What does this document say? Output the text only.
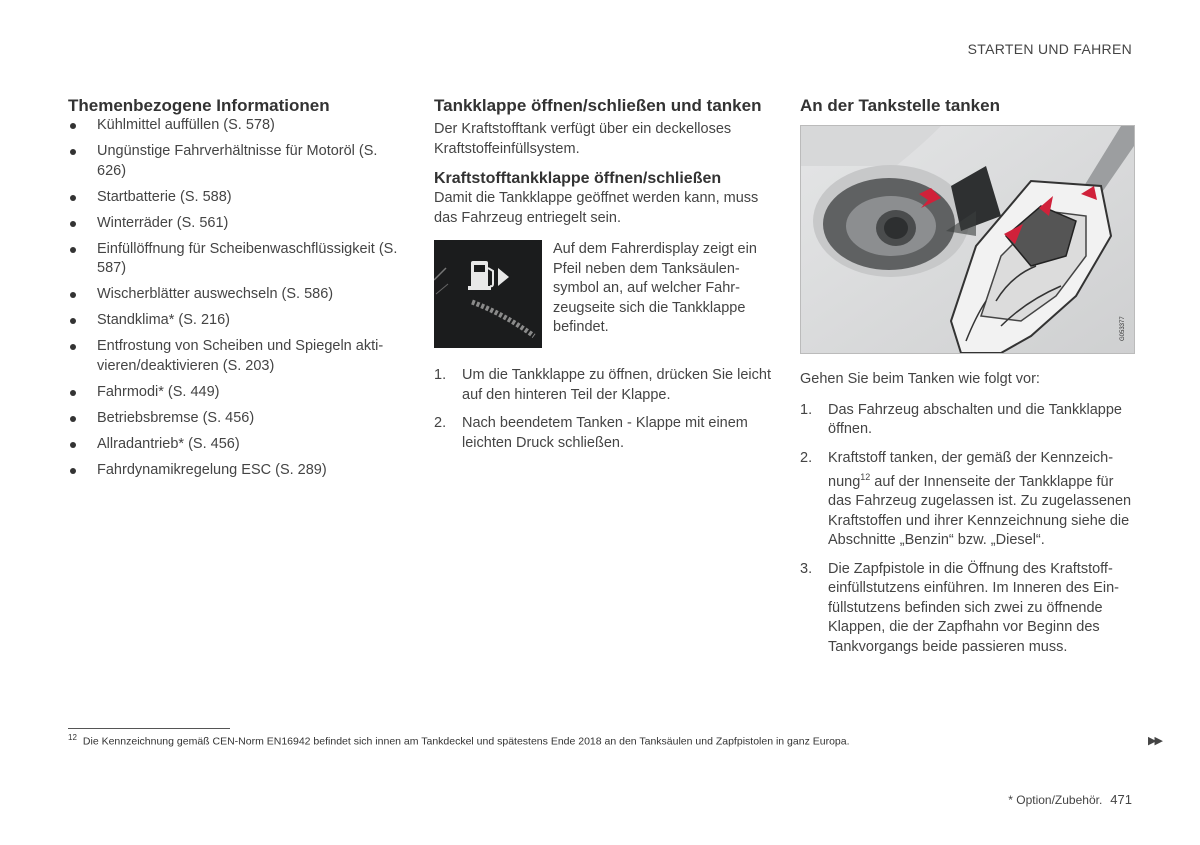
STARTEN UND FAHREN
Themenbezogene Informationen
Kühlmittel auffüllen (S. 578)
Ungünstige Fahrverhältnisse für Motoröl (S. 626)
Startbatterie (S. 588)
Winterräder (S. 561)
Einfüllöffnung für Scheibenwaschflüssigkeit (S. 587)
Wischerblätter auswechseln (S. 586)
Standklima* (S. 216)
Entfrostung von Scheiben und Spiegeln aktivieren/deaktivieren (S. 203)
Fahrmodi* (S. 449)
Betriebsbremse (S. 456)
Allradantrieb* (S. 456)
Fahrdynamikregelung ESC (S. 289)
Tankklappe öffnen/schließen und tanken

Der Kraftstofftank verfügt über ein deckelloses Kraftstoffeinfüllsystem.

Kraftstofftankklappe öffnen/schließen

Damit die Tankklappe geöffnet werden kann, muss das Fahrzeug entriegelt sein.

Auf dem Fahrerdisplay zeigt ein Pfeil neben dem Tanksäulensymbol an, auf welcher Fahrzeugseite sich die Tankklappe befindet.
1. Um die Tankklappe zu öffnen, drücken Sie leicht auf den hinteren Teil der Klappe.
2. Nach beendetem Tanken - Klappe mit einem leichten Druck schließen.
An der Tankstelle tanken
G053377

Gehen Sie beim Tanken wie folgt vor:

1. Das Fahrzeug abschalten und die Tankklappe öffnen.
2. Kraftstoff tanken, der gemäß der Kennzeichnung$^{12}$ auf der Innenseite der Tankklappe für das Fahrzeug zugelassen ist. Zu zugelassenen Kraftstoffen und ihrer Kennzeichnung siehe die Abschnitte „Benzin“ bzw. „Diesel“.
3. Die Zapfpistole in die Öffnung des Kraftstoffeinfüllstutzens einführen. Im Inneren des Einfüllstutzens befinden sich zwei zu öffnende Klappen, die der Zapfhahn vor Beginn des Tankvorgangs beide passieren muss.
$^{12}$ Die Kennzeichnung gemäß CEN-Norm EN16942 befindet sich innen am Tankdeckel und spätestens Ende 2018 an den Tanksäulen und Zapfpistolen in ganz Europa.	▶▶
* Option/Zubehör. 471
